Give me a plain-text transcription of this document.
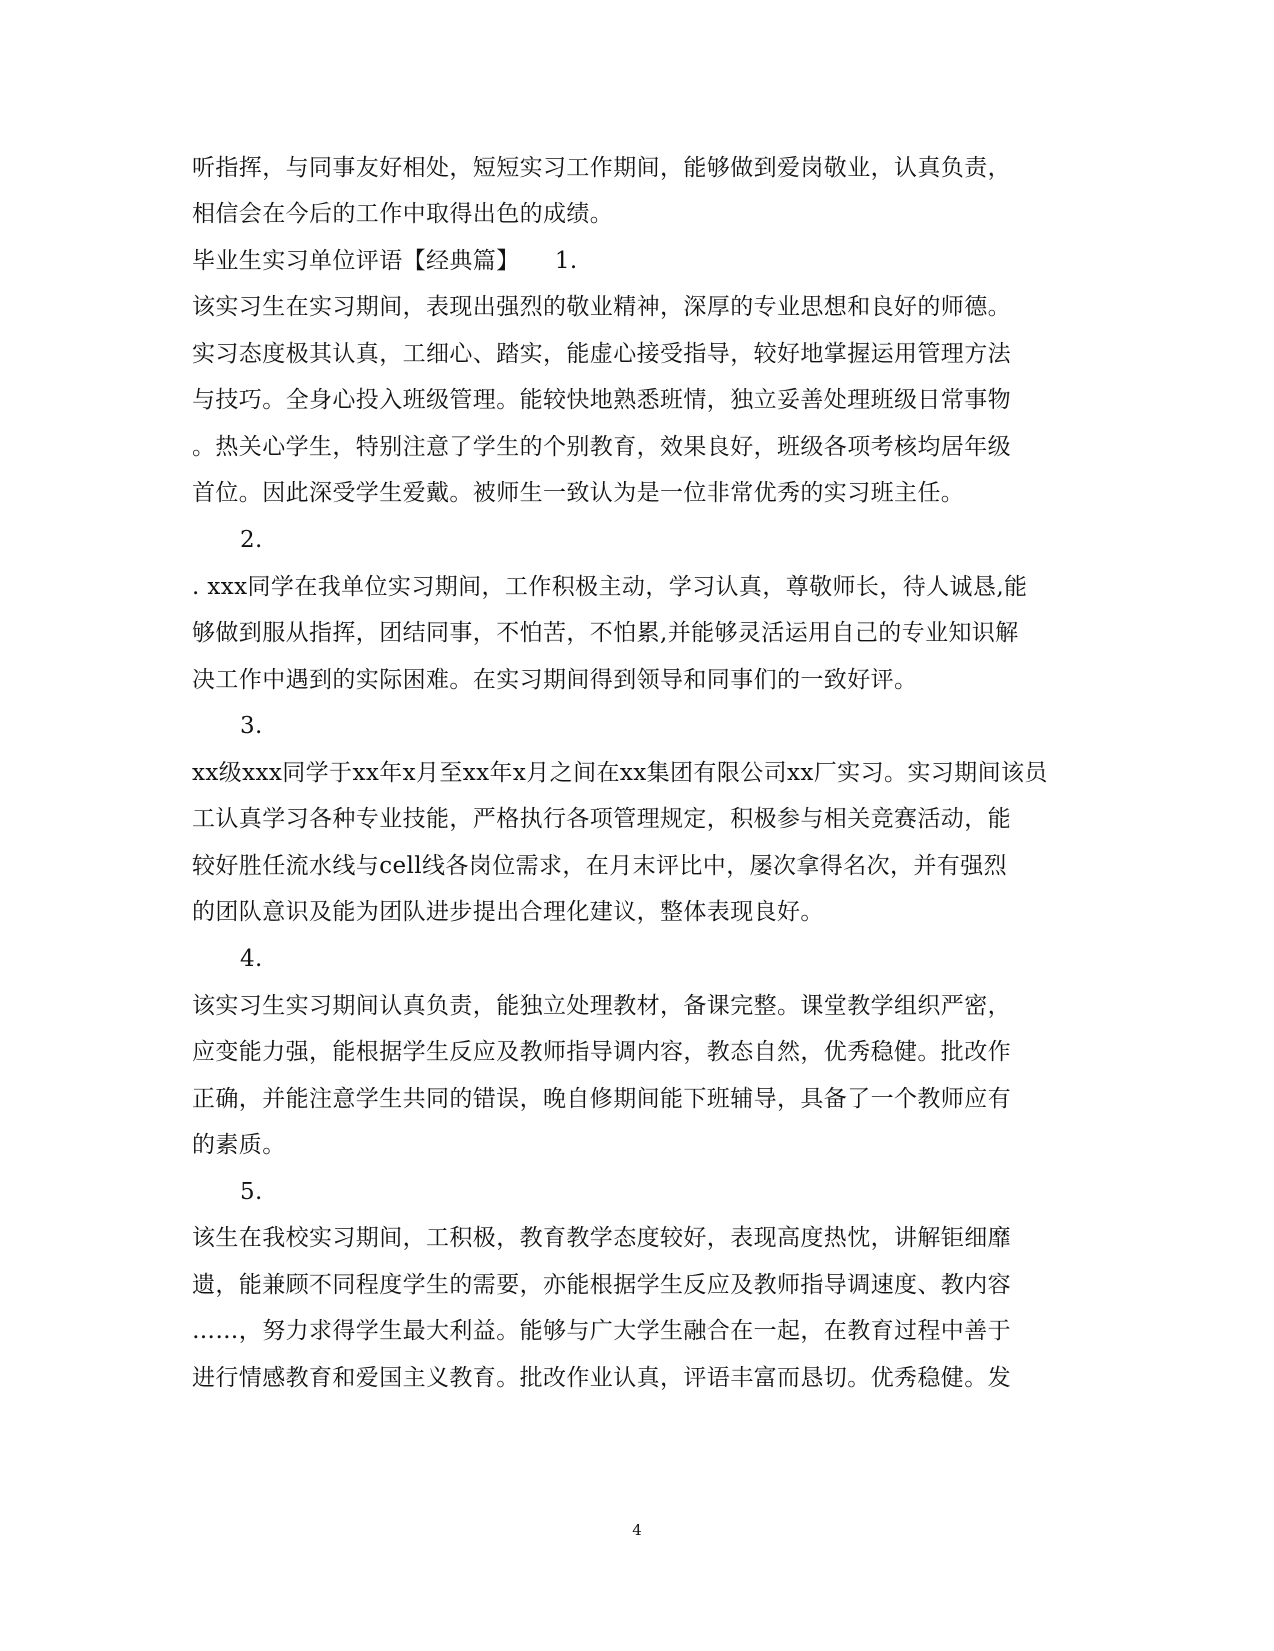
听指挥，与同事友好相处，短短实习工作期间，能够做到爱岗敬业，认真负责，
相信会在今后的工作中取得出色的成绩。
毕业生实习单位评语【经典篇】　　1.
该实习生在实习期间，表现出强烈的敬业精神，深厚的专业思想和良好的师德。
实习态度极其认真，工细心、踏实，能虚心接受指导，较好地掌握运用管理方法
与技巧。全身心投入班级管理。能较快地熟悉班情，独立妥善处理班级日常事物
。热关心学生，特别注意了学生的个别教育，效果良好，班级各项考核均居年级
首位。因此深受学生爱戴。被师生一致认为是一位非常优秀的实习班主任。
2.
. xxx同学在我单位实习期间，工作积极主动，学习认真，尊敬师长，待人诚恳,能
够做到服从指挥，团结同事，不怕苦，不怕累,并能够灵活运用自己的专业知识解
决工作中遇到的实际困难。在实习期间得到领导和同事们的一致好评。
3.
xx级xxx同学于xx年x月至xx年x月之间在xx集团有限公司xx厂实习。实习期间该员
工认真学习各种专业技能，严格执行各项管理规定，积极参与相关竞赛活动，能
较好胜任流水线与cell线各岗位需求，在月末评比中，屡次拿得名次，并有强烈
的团队意识及能为团队进步提出合理化建议，整体表现良好。
4.
该实习生实习期间认真负责，能独立处理教材，备课完整。课堂教学组织严密，
应变能力强，能根据学生反应及教师指导调内容，教态自然，优秀稳健。批改作
正确，并能注意学生共同的错误，晚自修期间能下班辅导，具备了一个教师应有
的素质。
5.
该生在我校实习期间，工积极，教育教学态度较好，表现高度热忱，讲解钜细靡
遗，能兼顾不同程度学生的需要，亦能根据学生反应及教师指导调速度、教内容
……，努力求得学生最大利益。能够与广大学生融合在一起，在教育过程中善于
进行情感教育和爱国主义教育。批改作业认真，评语丰富而恳切。优秀稳健。发
4
